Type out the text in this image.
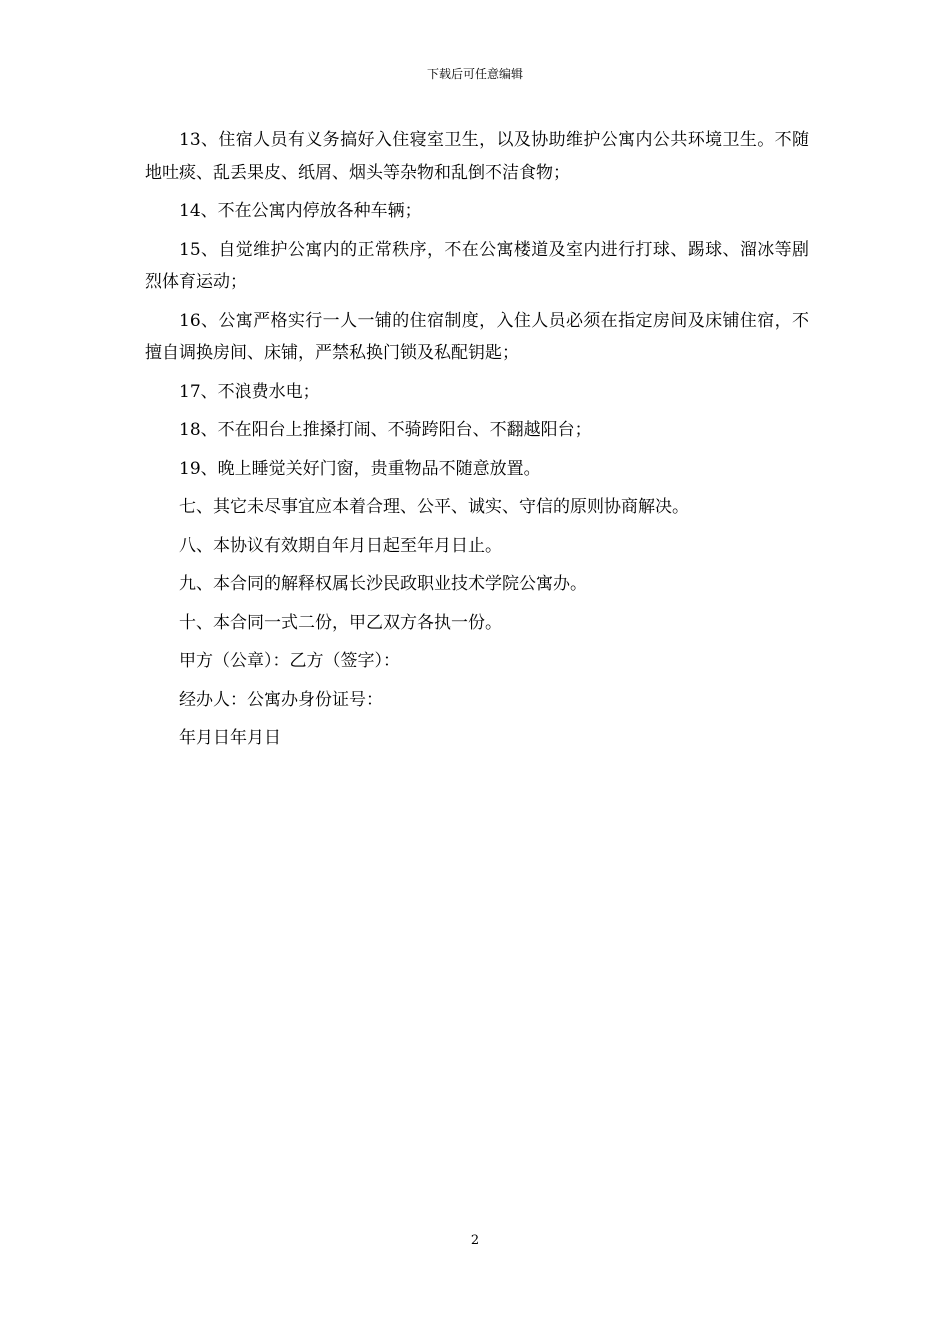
下载后可任意编辑

13、住宿人员有义务搞好入住寝室卫生，以及协助维护公寓内公共环境卫生。不随地吐痰、乱丢果皮、纸屑、烟头等杂物和乱倒不洁食物；

14、不在公寓内停放各种车辆；

15、自觉维护公寓内的正常秩序，不在公寓楼道及室内进行打球、踢球、溜冰等剧烈体育运动；

16、公寓严格实行一人一铺的住宿制度，入住人员必须在指定房间及床铺住宿，不擅自调换房间、床铺，严禁私换门锁及私配钥匙；

17、不浪费水电；

18、不在阳台上推搡打闹、不骑跨阳台、不翻越阳台；

19、晚上睡觉关好门窗，贵重物品不随意放置。

七、其它未尽事宜应本着合理、公平、诚实、守信的原则协商解决。

八、本协议有效期自年月日起至年月日止。

九、本合同的解释权属长沙民政职业技术学院公寓办。

十、本合同一式二份，甲乙双方各执一份。

甲方（公章）：乙方（签字）：

经办人：公寓办身份证号：

年月日年月日

2
